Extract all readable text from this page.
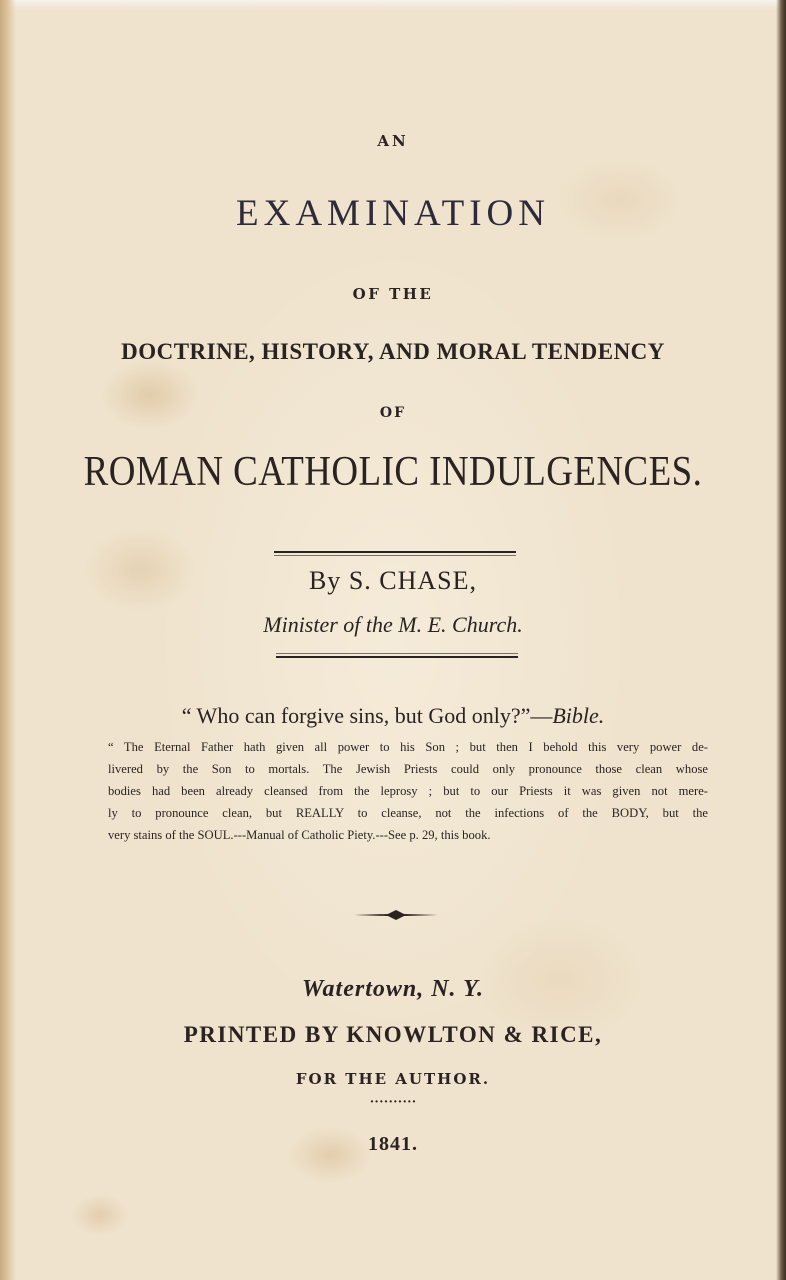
AN
EXAMINATION
OF THE
DOCTRINE, HISTORY, AND MORAL TENDENCY
OF
ROMAN CATHOLIC INDULGENCES.
By S. CHASE,
Minister of the M. E. Church.
“ Who can forgive sins, but God only?”—Bible.
“ The Eternal Father hath given all power to his Son ; but then I behold this very power de-
livered by the Son to mortals. The Jewish Priests could only pronounce those clean whose
bodies had been already cleansed from the leprosy ; but to our Priests it was given not mere-
ly to pronounce clean, but REALLY to cleanse, not the infections of the BODY, but the
very stains of the SOUL.---Manual of Catholic Piety.---See p. 29, this book.
Watertown, N. Y.
PRINTED BY KNOWLTON & RICE,
FOR THE AUTHOR.
··········
1841.
